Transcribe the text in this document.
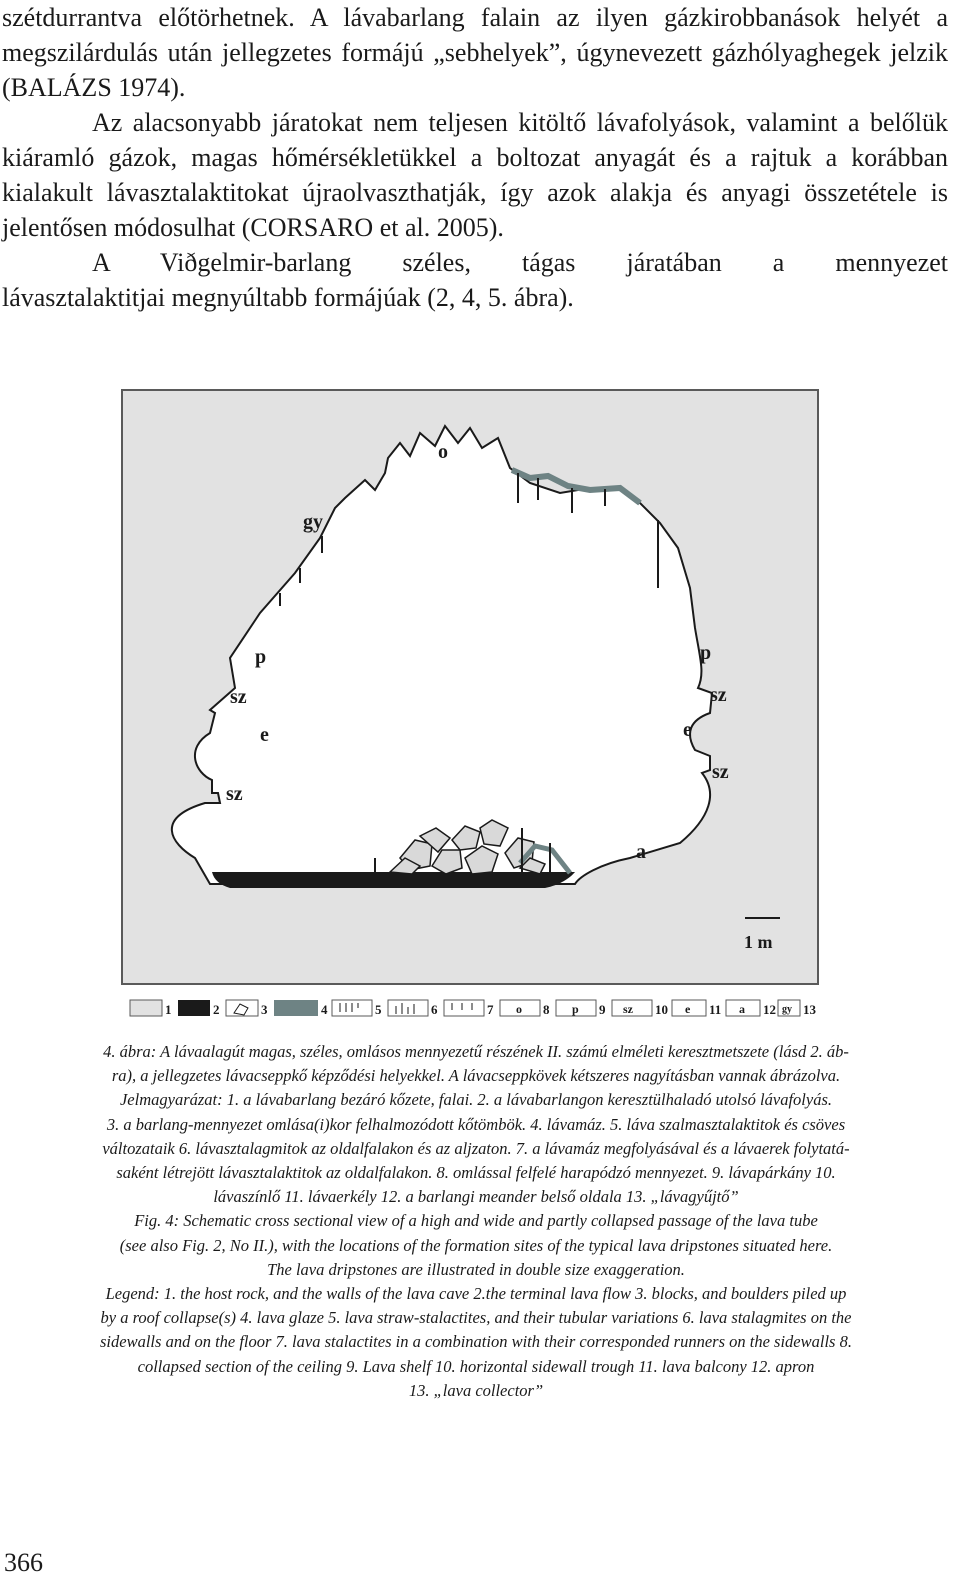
szétdurrantva előtörhetnek. A lávabarlang falain az ilyen gázkirobbanások helyét a megszilárdulás után jellegzetes formájú „sebhelyek”, úgynevezett gázhólyaghegek jelzik (BALÁZS 1974).

Az alacsonyabb járatokat nem teljesen kitöltő lávafolyások, valamint a belőlük kiáramló gázok, magas hőmérsékletükkel a boltozat anyagát és a rajtuk a korábban kialakult lávasztalaktitokat újraolvaszthatják, így azok alakja és anyagi összetétele is jelentősen módosulhat (CORSARO et al. 2005).

A Viðgelmir-barlang széles, tágas járatában a mennyezet

lávasztalaktitjai megnyúltabb formájúak (2, 4, 5. ábra).

o
gy
p
sz
e
sz
p
sz
e
sz
a
1 m
1	2	3	4	5	6	7 o 8 p 9 sz 10 e 11 a 12 gy 13

4. ábra: A lávaalagút magas, széles, omlásos mennyezetű részének II. számú elméleti keresztmetszete (lásd 2. áb-

ra), a jellegzetes lávacseppkő képződési helyekkel. A lávacseppkövek kétszeres nagyításban vannak ábrázolva.

Jelmagyarázat: 1. a lávabarlang bezáró kőzete, falai. 2. a lávabarlangon keresztülhaladó utolsó lávafolyás.

3. a barlang-mennyezet omlása(i)kor felhalmozódott kőtömbök. 4. lávamáz. 5. láva szalmasztalaktitok és csöves

változataik 6. lávasztalagmitok az oldalfalakon és az aljzaton. 7. a lávamáz megfolyásával és a lávaerek folytatá-

saként létrejött lávasztalaktitok az oldalfalakon. 8. omlással felfelé harapódzó mennyezet. 9. lávapárkány 10.

lávaszínlő 11. lávaerkély 12. a barlangi meander belső oldala 13. „lávagyűjtő”

Fig. 4: Schematic cross sectional view of a high and wide and partly collapsed passage of the lava tube

(see also Fig. 2, No II.), with the locations of the formation sites of the typical lava dripstones situated here.

The lava dripstones are illustrated in double size exaggeration.

Legend: 1. the host rock, and the walls of the lava cave 2.the terminal lava flow 3. blocks, and boulders piled up

by a roof collapse(s) 4. lava glaze 5. lava straw-stalactites, and their tubular variations 6. lava stalagmites on the

sidewalls and on the floor 7. lava stalactites in a combination with their corresponded runners on the sidewalls 8.

collapsed section of the ceiling 9. Lava shelf 10. horizontal sidewall trough 11. lava balcony 12. apron

13. „lava collector”

366
